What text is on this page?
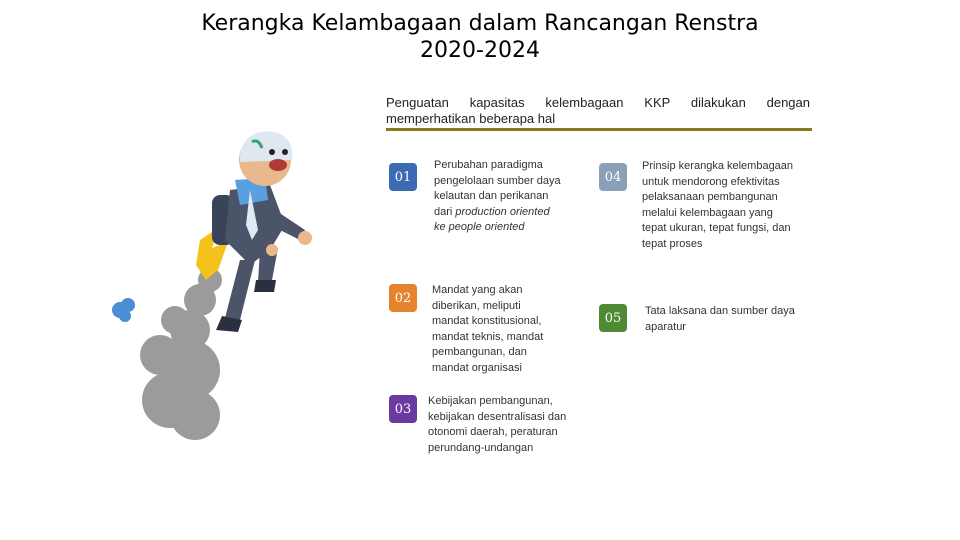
Kerangka Kelambagaan dalam Rancangan Renstra
2020-2024
Penguatan kapasitas kelembagaan KKP dilakukan dengan memperhatikan beberapa hal
01
Perubahan paradigma pengelolaan sumber daya kelautan dan perikanan dari production oriented ke people oriented
02
Mandat yang akan diberikan, meliputi mandat konstitusional, mandat teknis, mandat pembangunan, dan mandat organisasi
03
Kebijakan pembangunan, kebijakan desentralisasi dan otonomi daerah, peraturan perundang-undangan
04
Prinsip kerangka kelembagaan untuk mendorong efektivitas pelaksanaan pembangunan melalui kelembagaan yang tepat ukuran, tepat fungsi, dan tepat proses
05	Tata laksana dan sumber daya aparatur
